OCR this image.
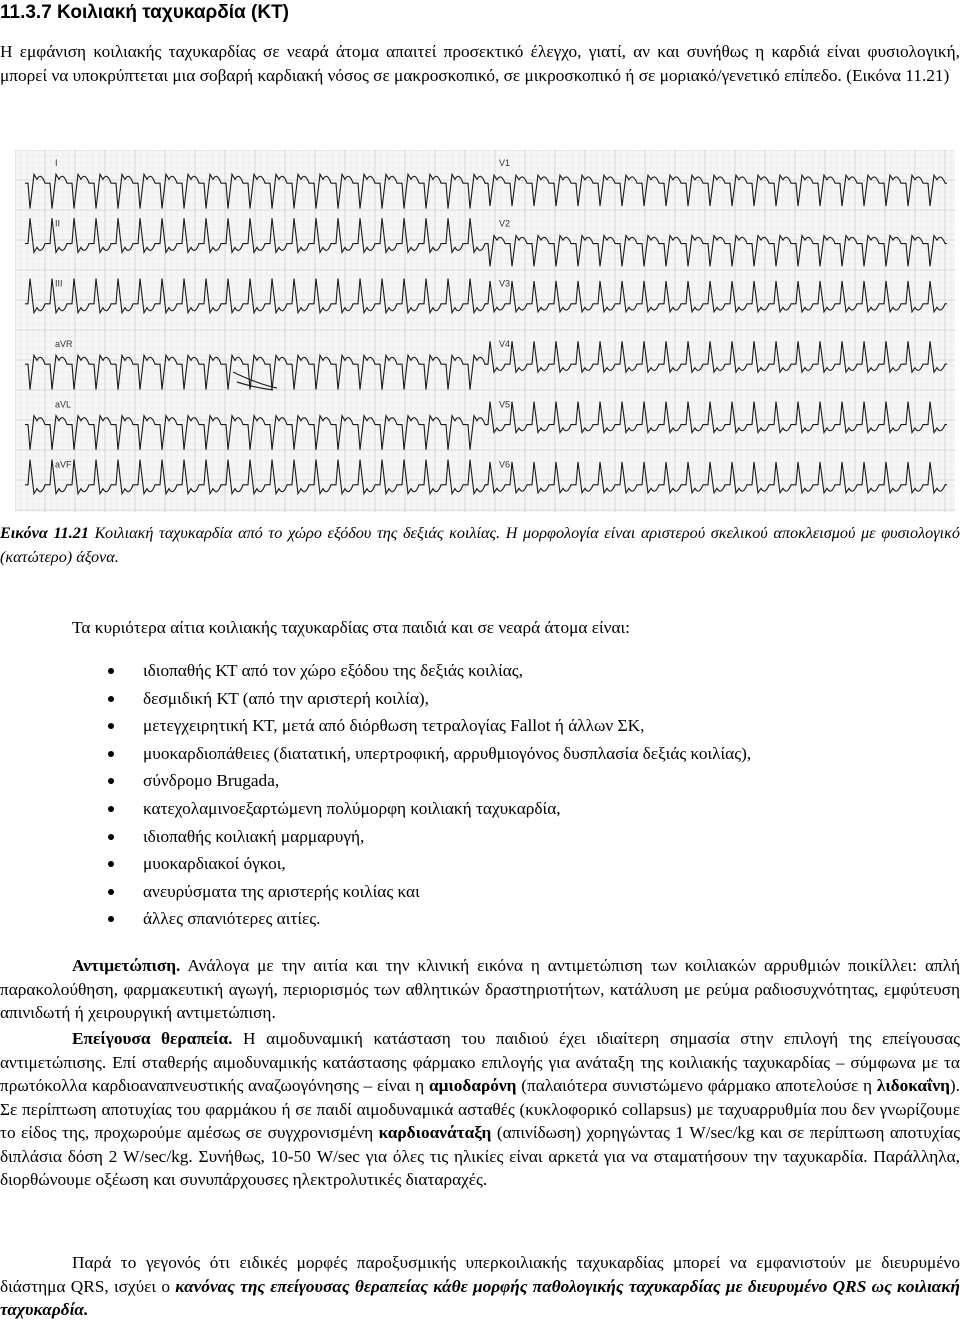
11.3.7 Κοιλιακή ταχυκαρδία (ΚΤ)

Η εμφάνιση κοιλιακής ταχυκαρδίας σε νεαρά άτομα απαιτεί προσεκτικό έλεγχο, γιατί, αν και συνήθως η καρδιά είναι φυσιολογική, μπορεί να υποκρύπτεται μια σοβαρή καρδιακή νόσος σε μακροσκοπικό, σε μικροσκοπικό ή σε μοριακό/γενετικό επίπεδο. (Εικόνα 11.21)

I	V1
II	V2
III	V3
aVR	V4
aVL	V5
aVF	V6

Εικόνα 11.21 Κοιλιακή ταχυκαρδία από το χώρο εξόδου της δεξιάς κοιλίας. Η μορφολογία είναι αριστερού σκελικού αποκλεισμού με φυσιολογικό (κατώτερο) άξονα.

Τα κυριότερα αίτια κοιλιακής ταχυκαρδίας στα παιδιά και σε νεαρά άτομα είναι:

ιδιοπαθής ΚΤ από τον χώρο εξόδου της δεξιάς κοιλίας,
δεσμιδική ΚΤ (από την αριστερή κοιλία),
μετεγχειρητική ΚΤ, μετά από διόρθωση τετραλογίας Fallot ή άλλων ΣΚ,
μυοκαρδιοπάθειες (διατατική, υπερτροφική, αρρυθμιογόνος δυσπλασία δεξιάς κοιλίας),
σύνδρομο Brugada,
κατεχολαμινοεξαρτώμενη πολύμορφη κοιλιακή ταχυκαρδία,
ιδιοπαθής κοιλιακή μαρμαρυγή,
μυοκαρδιακοί όγκοι,
ανευρύσματα της αριστερής κοιλίας και
άλλες σπανιότερες αιτίες.

Αντιμετώπιση. Ανάλογα με την αιτία και την κλινική εικόνα η αντιμετώπιση των κοιλιακών αρρυθμιών ποικίλλει: απλή παρακολούθηση, φαρμακευτική αγωγή, περιορισμός των αθλητικών δραστηριοτήτων, κατάλυση με ρεύμα ραδιοσυχνότητας, εμφύτευση απινιδωτή ή χειρουργική αντιμετώπιση.

Επείγουσα θεραπεία. Η αιμοδυναμική κατάσταση του παιδιού έχει ιδιαίτερη σημασία στην επιλογή της επείγουσας αντιμετώπισης. Επί σταθερής αιμοδυναμικής κατάστασης φάρμακο επιλογής για ανάταξη της κοιλιακής ταχυκαρδίας – σύμφωνα με τα πρωτόκολλα καρδιοαναπνευστικής αναζωογόνησης – είναι η αμιοδαρόνη (παλαιότερα συνιστώμενο φάρμακο αποτελούσε η λιδοκαΐνη). Σε περίπτωση αποτυχίας του φαρμάκου ή σε παιδί αιμοδυναμικά ασταθές (κυκλοφορικό collapsus) με ταχυαρρυθμία που δεν γνωρίζουμε το είδος της, προχωρούμε αμέσως σε συγχρονισμένη καρδιοανάταξη (απινίδωση) χορηγώντας 1 W/sec/kg και σε περίπτωση αποτυχίας διπλάσια δόση 2 W/sec/kg. Συνήθως, 10-50 W/sec για όλες τις ηλικίες είναι αρκετά για να σταματήσουν την ταχυκαρδία. Παράλληλα, διορθώνουμε οξέωση και συνυπάρχουσες ηλεκτρολυτικές διαταραχές.

Παρά το γεγονός ότι ειδικές μορφές παροξυσμικής υπερκοιλιακής ταχυκαρδίας μπορεί να εμφανιστούν με διευρυμένο διάστημα QRS, ισχύει ο κανόνας της επείγουσας θεραπείας κάθε μορφής παθολογικής ταχυκαρδίας με διευρυμένο QRS ως κοιλιακή ταχυκαρδία.
